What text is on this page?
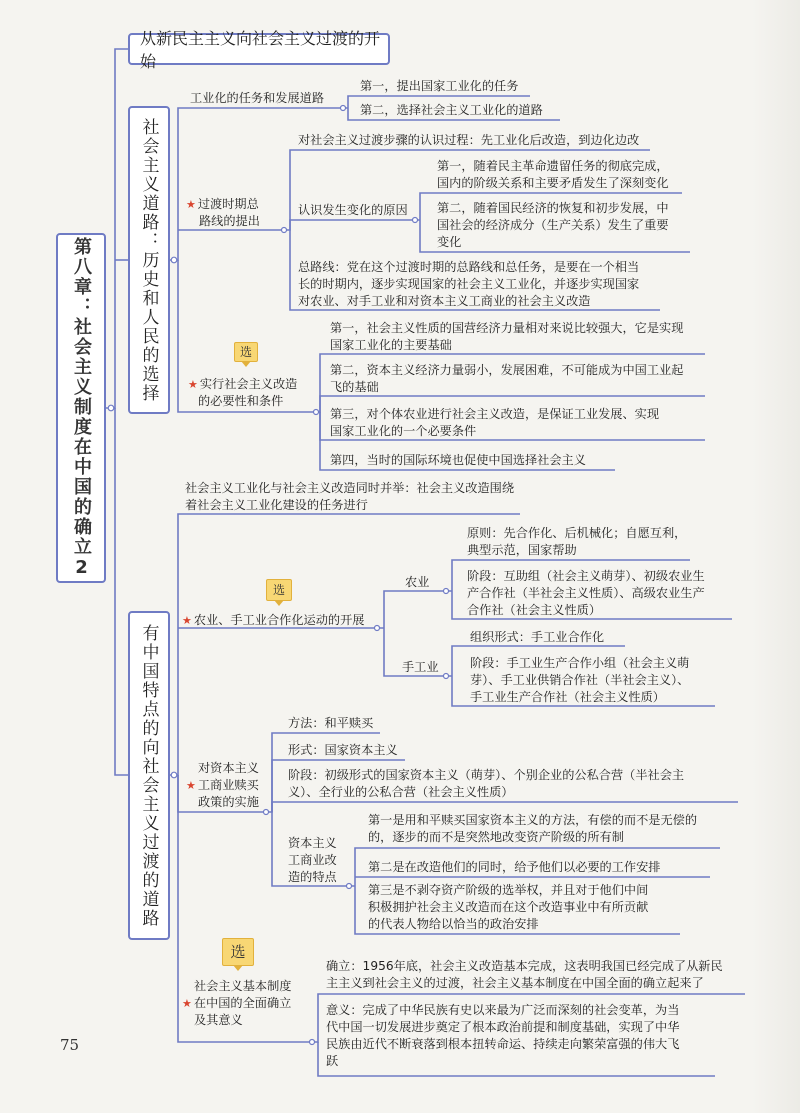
第八章：社会主义制度在中国的确立2
从新民主主义向社会主义过渡的开始
社会主义道路：历史和人民的选择
有中国特点的向社会主义过渡的道路
工业化的任务和发展道路
第一，提出国家工业化的任务
第二，选择社会主义工业化的道路
★ 过渡时期总
路线的提出
对社会主义过渡步骤的认识过程：先工业化后改造，到边化边改
认识发生变化的原因
第一，随着民主革命遗留任务的彻底完成，
国内的阶级关系和主要矛盾发生了深刻变化
第二，随着国民经济的恢复和初步发展，中
国社会的经济成分（生产关系）发生了重要
变化
总路线：党在这个过渡时期的总路线和总任务，是要在一个相当
长的时期内，逐步实现国家的社会主义工业化，并逐步实现国家
对农业、对手工业和对资本主义工商业的社会主义改造
选
★ 实行社会主义改造
的必要性和条件
第一，社会主义性质的国营经济力量相对来说比较强大，它是实现
国家工业化的主要基础
第二，资本主义经济力量弱小，发展困难，不可能成为中国工业起
飞的基础
第三，对个体农业进行社会主义改造，是保证工业发展、实现
国家工业化的一个必要条件
第四，当时的国际环境也促使中国选择社会主义
社会主义工业化与社会主义改造同时并举：社会主义改造围绕
着社会主义工业化建设的任务进行
选
★ 农业、手工业合作化运动的开展
农业
原则：先合作化、后机械化；自愿互利，
典型示范，国家帮助
阶段：互助组（社会主义萌芽）、初级农业生
产合作社（半社会主义性质）、高级农业生产
合作社（社会主义性质）
手工业
组织形式：手工业合作化
阶段：手工业生产合作小组（社会主义萌
芽）、手工业供销合作社（半社会主义）、
手工业生产合作社（社会主义性质）
对资本主义
★ 工商业赎买
政策的实施
方法：和平赎买
形式：国家资本主义
阶段：初级形式的国家资本主义（萌芽）、个别企业的公私合营（半社会主
义）、全行业的公私合营（社会主义性质）
资本主义
工商业改
造的特点
第一是用和平赎买国家资本主义的方法，有偿的而不是无偿的
的，逐步的而不是突然地改变资产阶级的所有制
第二是在改造他们的同时，给予他们以必要的工作安排
第三是不剥夺资产阶级的选举权，并且对于他们中间
积极拥护社会主义改造而在这个改造事业中有所贡献
的代表人物给以恰当的政治安排
选
社会主义基本制度
★ 在中国的全面确立
及其意义
确立：1956年底，社会主义改造基本完成，这表明我国已经完成了从新民
主主义到社会主义的过渡，社会主义基本制度在中国全面的确立起来了
意义：完成了中华民族有史以来最为广泛而深刻的社会变革，为当
代中国一切发展进步奠定了根本政治前提和制度基础，实现了中华
民族由近代不断衰落到根本扭转命运、持续走向繁荣富强的伟大飞
跃
75
